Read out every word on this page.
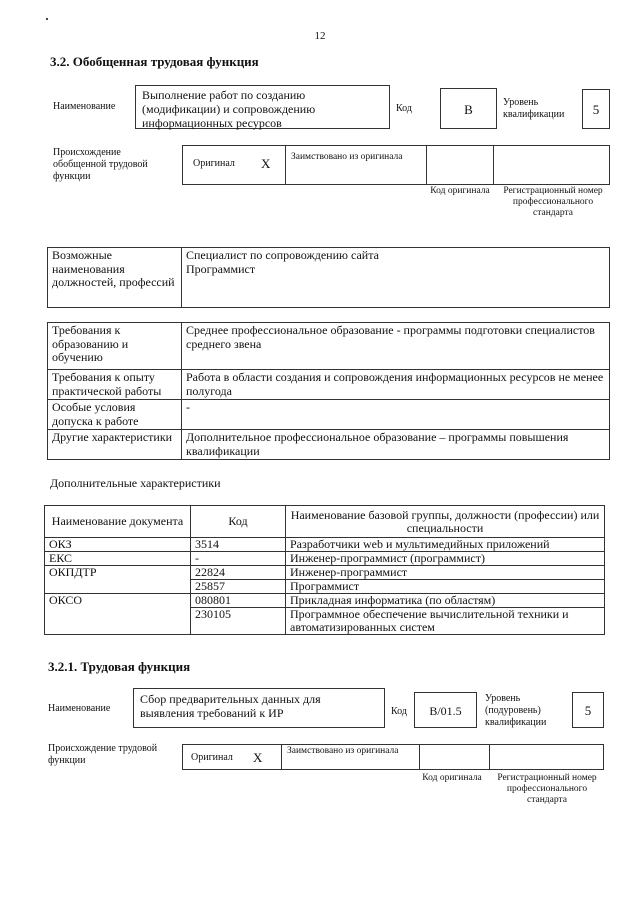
12
3.2. Обобщенная трудовая функция
Наименование
Выполнение работ по созданию (модификации) и сопровождению информационных ресурсов
Код	В	Уровень квалификации	5
Происхождение обобщенной трудовой функции
Оригинал X Заимствовано из оригинала
Код оригинала	Регистрационный номер профессионального стандарта
Возможные наименования должностей, профессий	
Специалист по сопровождению сайта
Программист
Требования к образованию и обучению	Среднее профессиональное образование - программы подготовки специалистов среднего звена
Требования к опыту практической работы	Работа в области создания и сопровождения информационных ресурсов не менее полугода
Особые условия допуска к работе	-
Другие характеристики	Дополнительное профессиональное образование – программы повышения квалификации
Дополнительные характеристики
Наименование документа	Код	Наименование базовой группы, должности (профессии) или специальности
ОКЗ	3514	Разработчики web и мультимедийных приложений
ЕКС	-	Инженер-программист (программист)
ОКПДТР	22824	Инженер-программист
	25857	Программист
ОКСО	080801	Прикладная информатика (по областям)
	230105	Программное обеспечение вычислительной техники и автоматизированных систем
3.2.1. Трудовая функция
Наименование
Сбор предварительных данных для выявления требований к ИР	Код	В/01.5
Уровень (подуровень) квалификации
5
Происхождение трудовой функции	Оригинал X	Заимствовано из оригинала
Код оригинала	Регистрационный номер профессионального стандарта
